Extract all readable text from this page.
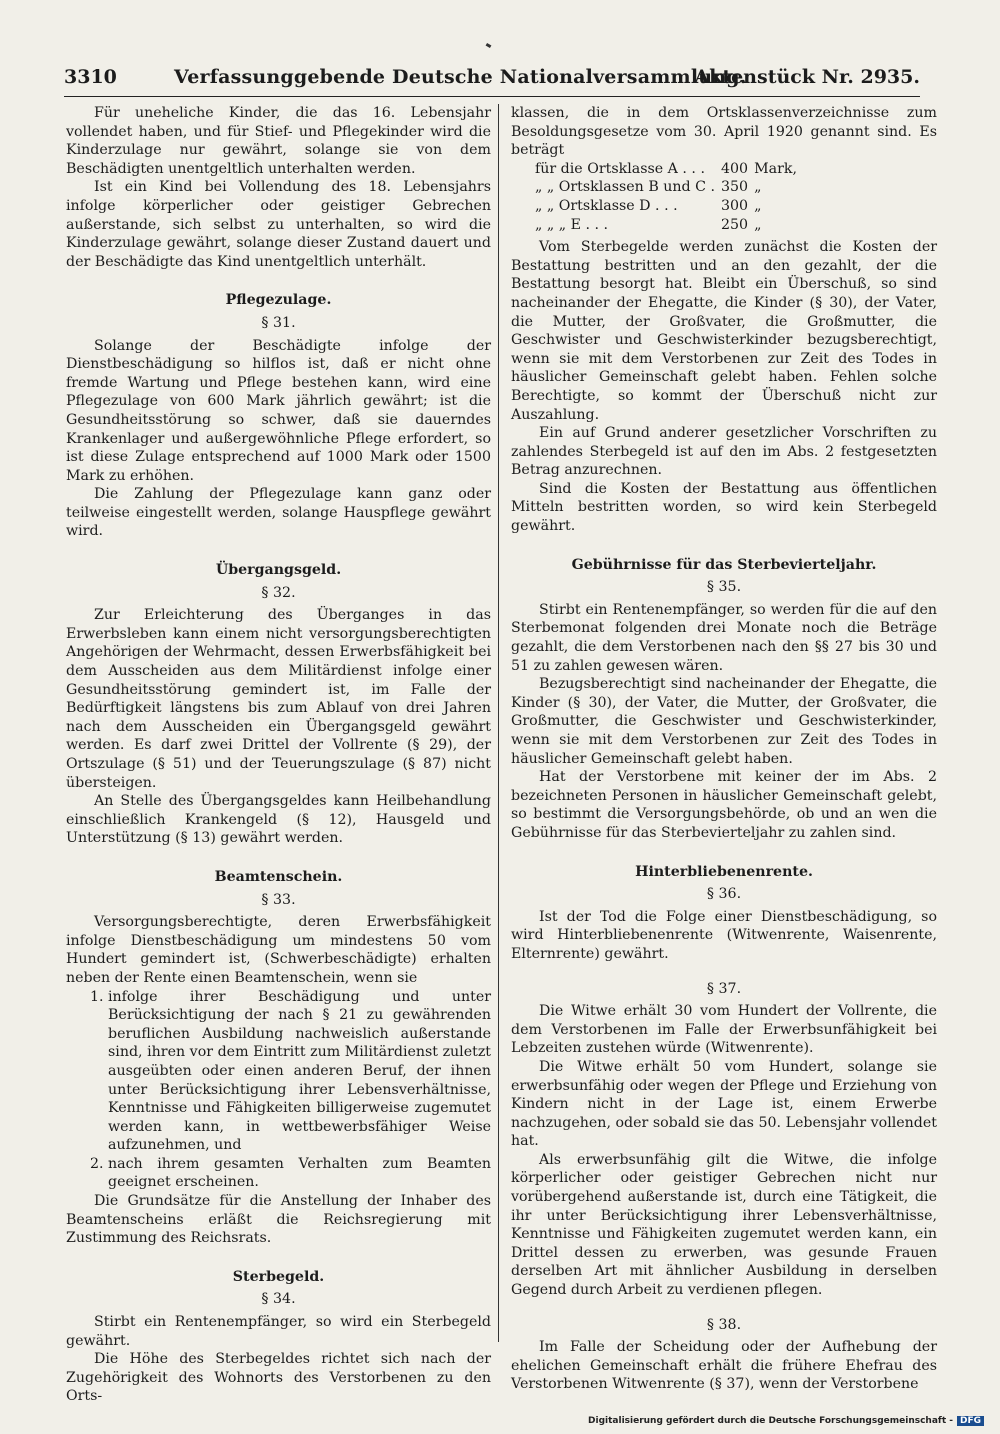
3310	Verfassunggebende Deutsche Nationalversammlung.
Aktenstück Nr. 2935.

Für uneheliche Kinder, die das 16. Lebensjahr vollendet haben, und für Stief- und Pflegekinder wird die Kinderzulage nur gewährt, solange sie von dem Beschädigten unentgeltlich unterhalten werden.

Ist ein Kind bei Vollendung des 18. Lebensjahrs infolge körperlicher oder geistiger Gebrechen außerstande, sich selbst zu unterhalten, so wird die Kinderzulage gewährt, solange dieser Zustand dauert und der Beschädigte das Kind unentgeltlich unterhält.

Pflegezulage.
§ 31.

Solange der Beschädigte infolge der Dienstbeschädigung so hilflos ist, daß er nicht ohne fremde Wartung und Pflege bestehen kann, wird eine Pflegezulage von 600 Mark jährlich gewährt; ist die Gesundheitsstörung so schwer, daß sie dauerndes Krankenlager und außergewöhnliche Pflege erfordert, so ist diese Zulage entsprechend auf 1000 Mark oder 1500 Mark zu erhöhen.

Die Zahlung der Pflegezulage kann ganz oder teilweise eingestellt werden, solange Hauspflege gewährt wird.

Übergangsgeld.
§ 32.

Zur Erleichterung des Überganges in das Erwerbsleben kann einem nicht versorgungsberechtigten Angehörigen der Wehrmacht, dessen Erwerbsfähigkeit bei dem Ausscheiden aus dem Militärdienst infolge einer Gesundheitsstörung gemindert ist, im Falle der Bedürftigkeit längstens bis zum Ablauf von drei Jahren nach dem Ausscheiden ein Übergangsgeld gewährt werden. Es darf zwei Drittel der Vollrente (§ 29), der Ortszulage (§ 51) und der Teuerungszulage (§ 87) nicht übersteigen.

An Stelle des Übergangsgeldes kann Heilbehandlung einschließlich Krankengeld (§ 12), Hausgeld und Unterstützung (§ 13) gewährt werden.

Beamtenschein.
§ 33.

Versorgungsberechtigte, deren Erwerbsfähigkeit infolge Dienstbeschädigung um mindestens 50 vom Hundert gemindert ist, (Schwerbeschädigte) erhalten neben der Rente einen Beamtenschein, wenn sie

1. infolge ihrer Beschädigung und unter Berücksichtigung der nach § 21 zu gewährenden beruflichen Ausbildung nachweislich außerstande sind, ihren vor dem Eintritt zum Militärdienst zuletzt ausgeübten oder einen anderen Beruf, der ihnen unter Berücksichtigung ihrer Lebensverhältnisse, Kenntnisse und Fähigkeiten billigerweise zugemutet werden kann, in wettbewerbsfähiger Weise aufzunehmen, und
2. nach ihrem gesamten Verhalten zum Beamten geeignet erscheinen.

Die Grundsätze für die Anstellung der Inhaber des Beamtenscheins erläßt die Reichsregierung mit Zustimmung des Reichsrats.

Sterbegeld.
§ 34.

Stirbt ein Rentenempfänger, so wird ein Sterbegeld gewährt.

Die Höhe des Sterbegeldes richtet sich nach der Zugehörigkeit des Wohnorts des Verstorbenen zu den Orts-

klassen, die in dem Ortsklassenverzeichnisse zum Besoldungsgesetze vom 30. April 1920 genannt sind. Es beträgt

für die Ortsklasse A . . .	400	Mark,
„ „ Ortsklassen B und C .	350	„
„ „ Ortsklasse D . . .	300	„
„ „ „ E . . .	250	„

Vom Sterbegelde werden zunächst die Kosten der Bestattung bestritten und an den gezahlt, der die Bestattung besorgt hat. Bleibt ein Überschuß, so sind nacheinander der Ehegatte, die Kinder (§ 30), der Vater, die Mutter, der Großvater, die Großmutter, die Geschwister und Geschwisterkinder bezugsberechtigt, wenn sie mit dem Verstorbenen zur Zeit des Todes in häuslicher Gemeinschaft gelebt haben. Fehlen solche Berechtigte, so kommt der Überschuß nicht zur Auszahlung.

Ein auf Grund anderer gesetzlicher Vorschriften zu zahlendes Sterbegeld ist auf den im Abs. 2 festgesetzten Betrag anzurechnen.

Sind die Kosten der Bestattung aus öffentlichen Mitteln bestritten worden, so wird kein Sterbegeld gewährt.

Gebührnisse für das Sterbevierteljahr.
§ 35.

Stirbt ein Rentenempfänger, so werden für die auf den Sterbemonat folgenden drei Monate noch die Beträge gezahlt, die dem Verstorbenen nach den §§ 27 bis 30 und 51 zu zahlen gewesen wären.

Bezugsberechtigt sind nacheinander der Ehegatte, die Kinder (§ 30), der Vater, die Mutter, der Großvater, die Großmutter, die Geschwister und Geschwisterkinder, wenn sie mit dem Verstorbenen zur Zeit des Todes in häuslicher Gemeinschaft gelebt haben.

Hat der Verstorbene mit keiner der im Abs. 2 bezeichneten Personen in häuslicher Gemeinschaft gelebt, so bestimmt die Versorgungsbehörde, ob und an wen die Gebührnisse für das Sterbevierteljahr zu zahlen sind.

Hinterbliebenenrente.
§ 36.

Ist der Tod die Folge einer Dienstbeschädigung, so wird Hinterbliebenenrente (Witwenrente, Waisenrente, Elternrente) gewährt.

§ 37.

Die Witwe erhält 30 vom Hundert der Vollrente, die dem Verstorbenen im Falle der Erwerbsunfähigkeit bei Lebzeiten zustehen würde (Witwenrente).

Die Witwe erhält 50 vom Hundert, solange sie erwerbsunfähig oder wegen der Pflege und Erziehung von Kindern nicht in der Lage ist, einem Erwerbe nachzugehen, oder sobald sie das 50. Lebensjahr vollendet hat.

Als erwerbsunfähig gilt die Witwe, die infolge körperlicher oder geistiger Gebrechen nicht nur vorübergehend außerstande ist, durch eine Tätigkeit, die ihr unter Berücksichtigung ihrer Lebensverhältnisse, Kenntnisse und Fähigkeiten zugemutet werden kann, ein Drittel dessen zu erwerben, was gesunde Frauen derselben Art mit ähnlicher Ausbildung in derselben Gegend durch Arbeit zu verdienen pflegen.

§ 38.

Im Falle der Scheidung oder der Aufhebung der ehelichen Gemeinschaft erhält die frühere Ehefrau des Verstorbenen Witwenrente (§ 37), wenn der Verstorbene

Digitalisierung gefördert durch die Deutsche Forschungsgemeinschaft - DFG
